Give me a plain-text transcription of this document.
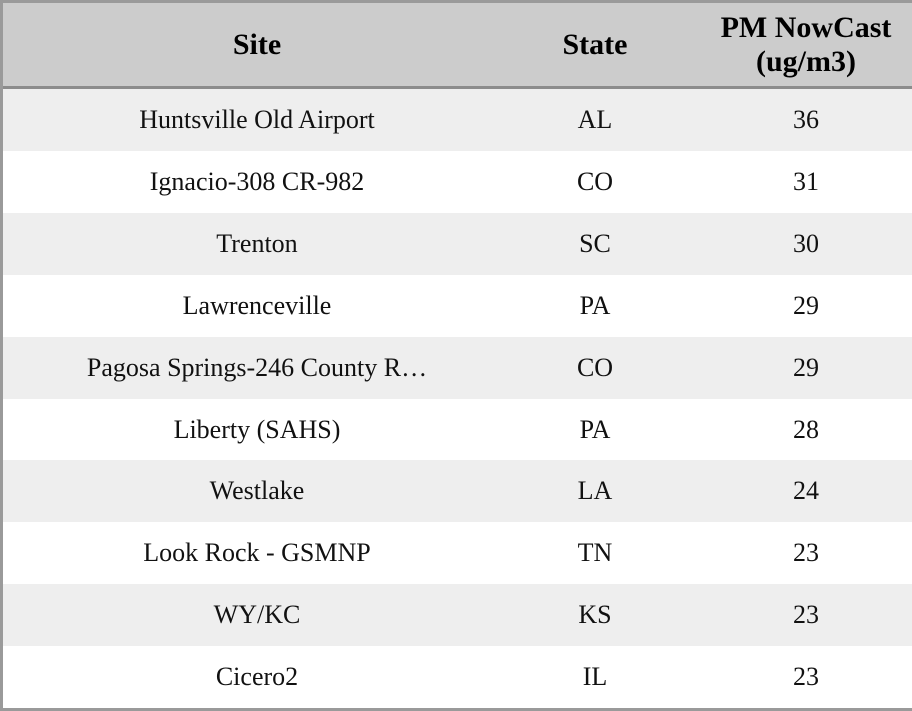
Site	State	PM NowCast (ug/m3)
Huntsville Old Airport	AL	36
Ignacio-308 CR-982	CO	31
Trenton	SC	30
Lawrenceville	PA	29
Pagosa Springs-246 County R…	CO	29
Liberty (SAHS)	PA	28
Westlake	LA	24
Look Rock - GSMNP	TN	23
WY/KC	KS	23
Cicero2	IL	23
